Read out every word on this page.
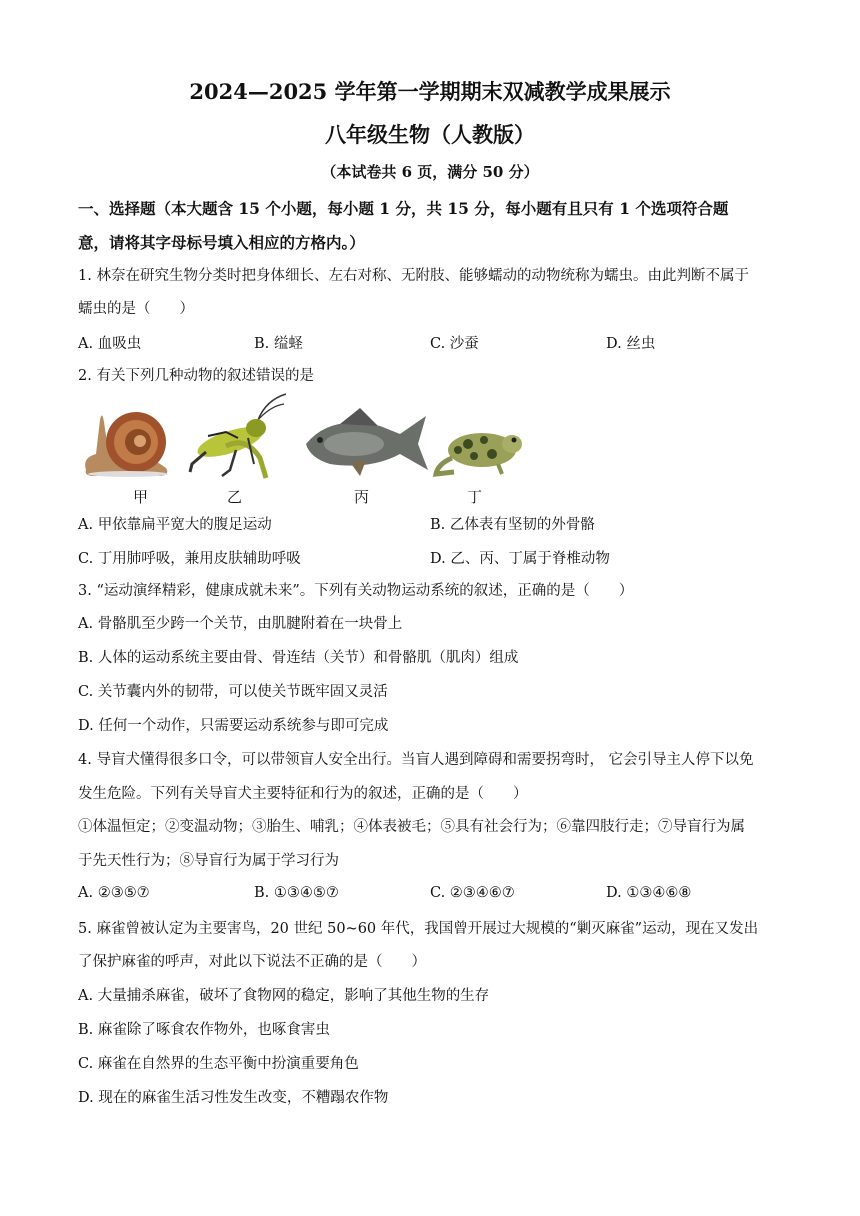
2024—2025 学年第一学期期末双减教学成果展示
八年级生物（人教版）
（本试卷共 6 页，满分 50 分）
一、选择题（本大题含 15 个小题，每小题 1 分，共 15 分，每小题有且只有 1 个选项符合题
意，请将其字母标号填入相应的方格内。）
1. 林奈在研究生物分类时把身体细长、左右对称、无附肢、能够蠕动的动物统称为蠕虫。由此判断不属于
蠕虫的是（　　）
A. 血吸虫	B. 缢蛏	C. 沙蚕	D. 丝虫
2. 有关下列几种动物的叙述错误的是
甲	乙	丙	丁
A. 甲依靠扁平宽大的腹足运动	B. 乙体表有坚韧的外骨骼
C. 丁用肺呼吸，兼用皮肤辅助呼吸	D. 乙、丙、丁属于脊椎动物
3. “运动演绎精彩，健康成就未来”。下列有关动物运动系统的叙述，正确的是（　　）
A. 骨骼肌至少跨一个关节，由肌腱附着在一块骨上
B. 人体的运动系统主要由骨、骨连结（关节）和骨骼肌（肌肉）组成
C. 关节囊内外的韧带，可以使关节既牢固又灵活
D. 任何一个动作，只需要运动系统参与即可完成
4. 导盲犬懂得很多口令，可以带领盲人安全出行。当盲人遇到障碍和需要拐弯时， 它会引导主人停下以免
发生危险。下列有关导盲犬主要特征和行为的叙述，正确的是（　　）
①体温恒定；②变温动物；③胎生、哺乳；④体表被毛；⑤具有社会行为；⑥靠四肢行走；⑦导盲行为属
于先天性行为；⑧导盲行为属于学习行为
A. ②③⑤⑦	B. ①③④⑤⑦	C. ②③④⑥⑦	D. ①③④⑥⑧
5. 麻雀曾被认定为主要害鸟，20 世纪 50~60 年代，我国曾开展过大规模的“剿灭麻雀”运动，现在又发出
了保护麻雀的呼声，对此以下说法不正确的是（　　）
A. 大量捕杀麻雀，破坏了食物网的稳定，影响了其他生物的生存
B. 麻雀除了啄食农作物外，也啄食害虫
C. 麻雀在自然界的生态平衡中扮演重要角色
D. 现在的麻雀生活习性发生改变，不糟蹋农作物
